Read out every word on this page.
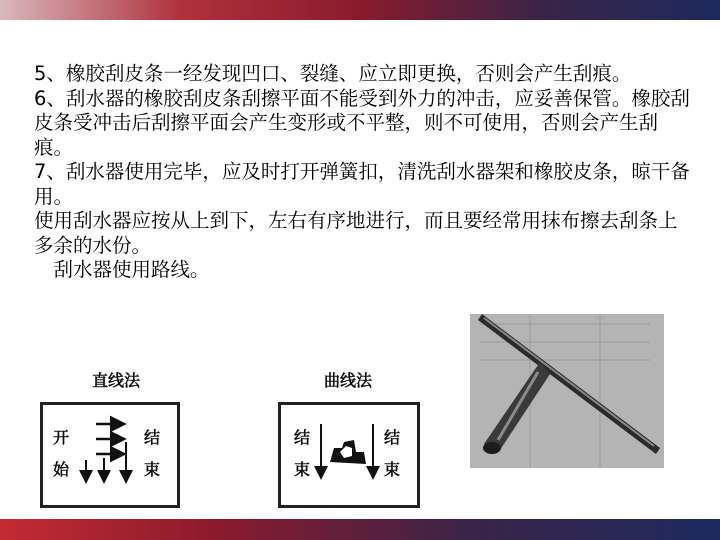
5、橡胶刮皮条一经发现凹口、裂缝、应立即更换，否则会产生刮痕。

6、刮水器的橡胶刮皮条刮擦平面不能受到外力的冲击，应妥善保管。橡胶刮皮条受冲击后刮擦平面会产生变形或不平整，则不可使用，否则会产生刮痕。

7、刮水器使用完毕，应及时打开弹簧扣，清洗刮水器架和橡胶皮条，晾干备用。

使用刮水器应按从上到下，左右有序地进行，而且要经常用抹布擦去刮条上多余的水份。

　刮水器使用路线。

直线法
开
始
结
束
曲线法
结
束
结
束
